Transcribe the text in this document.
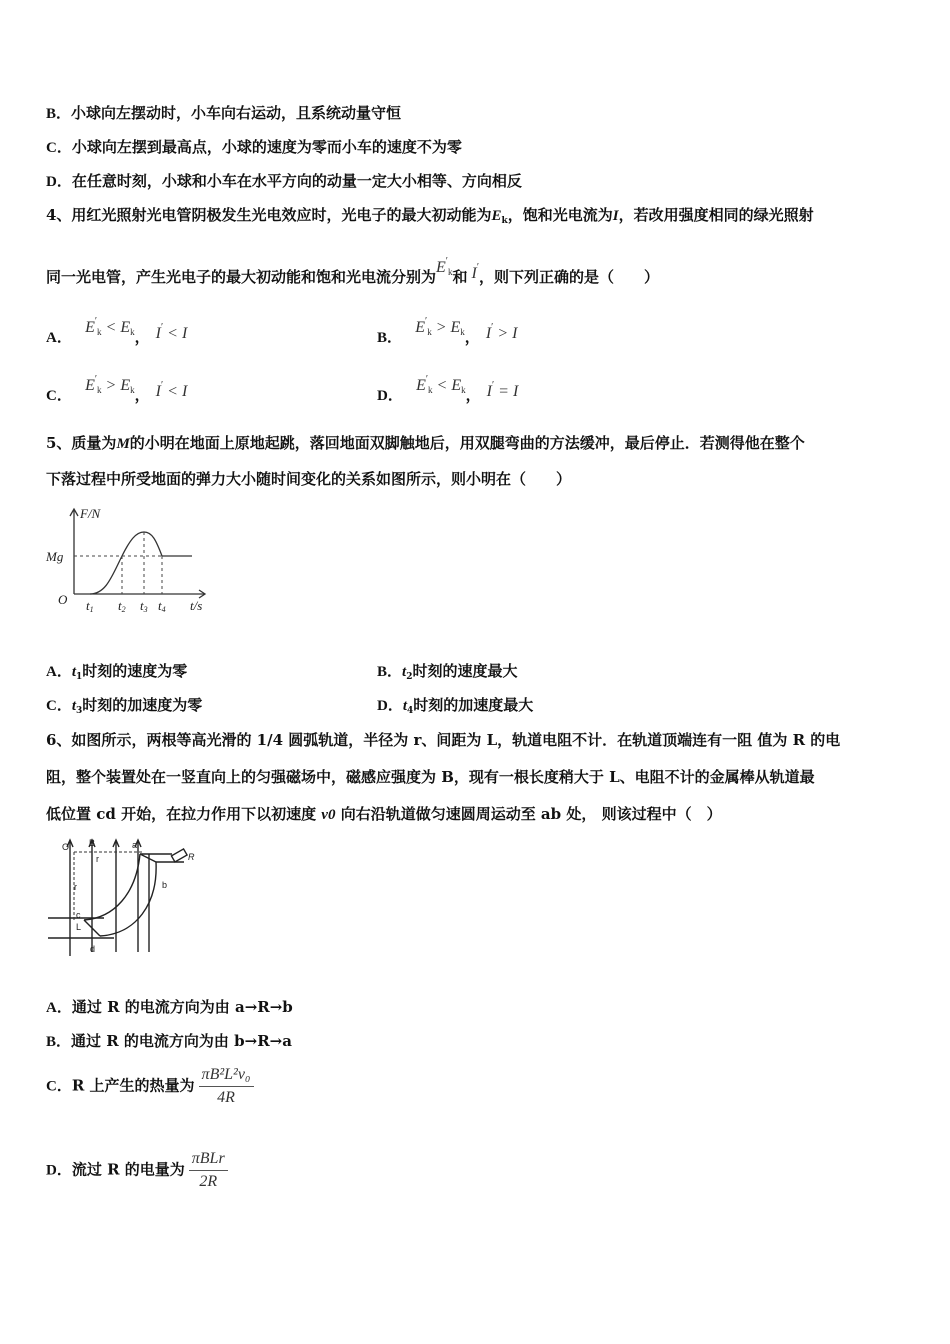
B．小球向左摆动时，小车向右运动，且系统动量守恒
C．小球向左摆到最高点，小球的速度为零而小车的速度不为零
D．在任意时刻，小球和小车在水平方向的动量一定大小相等、方向相反
4、用红光照射光电管阴极发生光电效应时，光电子的最大初动能为$E_k$，饱和光电流为I，若改用强度相同的绿光照射
同一光电管，产生光电子的最大初动能和饱和光电流分别为$E'_k$和 I′，则下列正确的是（　　）
A． $E'_k < E_k$， I′ < I	B． $E'_k > E_k$， I′ > I
C． $E'_k > E_k$， I′ < I	D． $E'_k < E_k$， I′ = I
5、质量为M的小明在地面上原地起跳，落回地面双脚触地后，用双腿弯曲的方法缓冲，最后停止．若测得他在整个
下落过程中所受地面的弹力大小随时间变化的关系如图所示，则小明在（　　）
F/N
Mg
O t1 t2 t3 t4 t/s
A．$t_1$时刻的速度为零	B．$t_2$时刻的速度最大
C．$t_3$时刻的加速度为零	D．$t_4$时刻的加速度最大
6、如图所示，两根等高光滑的 1/4 圆弧轨道，半径为 r、间距为 L，轨道电阻不计．在轨道顶端连有一阻 值为 R 的电
阻，整个装置处在一竖直向上的匀强磁场中，磁感应强度为 B，现有一根长度稍大于 L、电阻不计的金属棒从轨道最
低位置 cd 开始，在拉力作用下以初速度 v0 向右沿轨道做匀速圆周运动至 ab 处， 则该过程中（　）
O B
r
a
R
b
r
c
L
d
A．通过 R 的电流方向为由 a→R→b
B．通过 R 的电流方向为由 b→R→a
C．R 上产生的热量为 $\frac{\text{πB²L²v₀}}{4R}$
D．流过 R 的电量为 $\frac{\text{πBLr}}{2R}$
